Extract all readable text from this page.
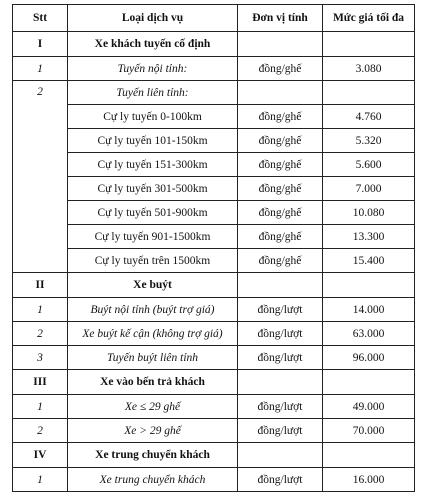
Stt	Loại dịch vụ	Đơn vị tính	Mức giá tối đa
I	Xe khách tuyến cố định		
1	Tuyến nội tỉnh:	đồng/ghế	3.080
2	Tuyến liên tỉnh:		
	Cự ly tuyến 0-100km	đồng/ghế	4.760
	Cự ly tuyến 101-150km	đồng/ghế	5.320
	Cự ly tuyến 151-300km	đồng/ghế	5.600
	Cự ly tuyến 301-500km	đồng/ghế	7.000
	Cự ly tuyến 501-900km	đồng/ghế	10.080
	Cự ly tuyến 901-1500km	đồng/ghế	13.300
	Cự ly tuyến trên 1500km	đồng/ghế	15.400
II	Xe buýt		
1	Buýt nội tỉnh (buýt trợ giá)	đồng/lượt	14.000
2	Xe buýt kế cận (không trợ giá)	đồng/lượt	63.000
3	Tuyến buýt liên tỉnh	đồng/lượt	96.000
III	Xe vào bến trả khách		
1	Xe ≤ 29 ghế	đồng/lượt	49.000
2	Xe > 29 ghế	đồng/lượt	70.000
IV	Xe trung chuyển khách		
1	Xe trung chuyển khách	đồng/lượt	16.000
